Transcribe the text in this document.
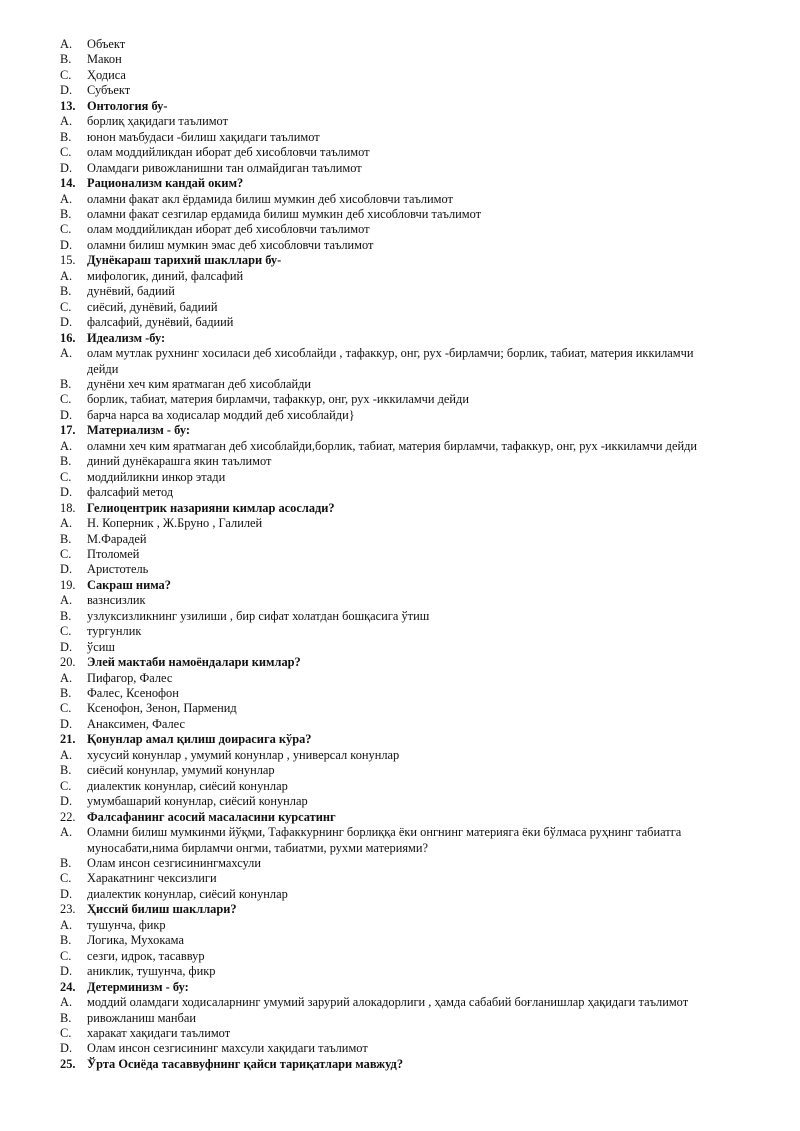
A.	Объект
B.	Макон
C.	Ҳодиса
D.	Субъект
13. Онтология бу-
A.	борлиқ ҳақидаги таълимот
B.	юнон маъбудаси -билиш хақидаги таълимот
C.	олам моддийликдан иборат деб хисобловчи таълимот
D.	Оламдаги ривожланишни тан олмайдиган таълимот
14. Рационализм кандай оким?
A.	оламни факат акл ёрдамида билиш мумкин деб хисобловчи таълимот
B.	оламни факат сезгилар ердамида билиш мумкин деб хисобловчи таълимот
C.	олам моддийликдан иборат деб хисобловчи таълимот
D.	оламни билиш мумкин эмас деб хисобловчи таълимот
15. Дунёкараш тарихий шакллари бу-
A.	мифологик, диний, фалсафий
B.	дунёвий, бадиий
C.	сиёсий, дунёвий, бадиий
D.	фалсафий, дунёвий, бадиий
16. Идеализм -бу:
A.	олам мутлак рухнинг хосиласи деб хисоблайди , тафаккур, онг, рух -бирламчи; борлик, табиат, материя иккиламчи
дейди
B.	дунёни хеч ким яратмаган деб хисоблайди
C.	борлик, табиат, материя бирламчи, тафаккур, онг, рух -иккиламчи дейди
D.	барча нарса ва ходисалар моддий деб хисоблайди}
17. Материализм - бу:
A.	оламни хеч ким яратмаган деб хисоблайди,борлик, табиат, материя бирламчи, тафаккур, онг, рух -иккиламчи дейди
B.	диний дунёкарашга якин таълимот
C.	моддийликни инкор этади
D.	фалсафий метод
18. Гелиоцентрик назарияни кимлар асослади?
A.	Н. Коперник , Ж.Бруно , Галилей
B.	М.Фарадей
C.	Птоломей
D.	Аристотель
19. Сакраш нима?
A.	вазнсизлик
B.	узлуксизликнинг узилиши , бир сифат холатдан бошқасига ўтиш
C.	тургунлик
D.	ўсиш
20. Элей мактаби намоёндалари кимлар?
A.	Пифагор, Фалес
B.	Фалес, Ксенофон
C.	Ксенофон, Зенон, Парменид
D.	Анаксимен, Фалес
21. Қонунлар амал қилиш доирасига кўра?
A.	хусусий конунлар , умумий конунлар , универсал конунлар
B.	сиёсий конунлар, умумий конунлар
C.	диалектик конунлар, сиёсий конунлар
D.	умумбашарий конунлар, сиёсий конунлар
22. Фалсафанинг асосий масаласини курсатинг
A.	Оламни билиш мумкинми йўқми, Тафаккурнинг борлиққа ёки онгнинг материяга ёки бўлмаса руҳнинг табиатга
муносабати,нима бирламчи онгми, табиатми, рухми материями?
B.	Олам инсон сезгисинингмахсули
C.	Харакатнинг чексизлиги
D.	диалектик конунлар, сиёсий конунлар
23. Ҳиссий билиш шакллари?
A.	тушунча, фикр
B.	Логика, Мухокама
C.	сезги, идрок, тасаввур
D.	аниклик, тушунча, фикр
24. Детерминизм - бу:
A.	моддий оламдаги ходисаларнинг умумий зарурий алокадорлиги , ҳамда сабабий боғланишлар ҳақидаги таълимот
B.	ривожланиш манбаи
C.	харакат хақидаги таълимот
D.	Олам инсон сезгисининг махсули хақидаги таълимот
25. Ўрта Осиёда тасаввуфнинг қайси тариқатлари мавжуд?
